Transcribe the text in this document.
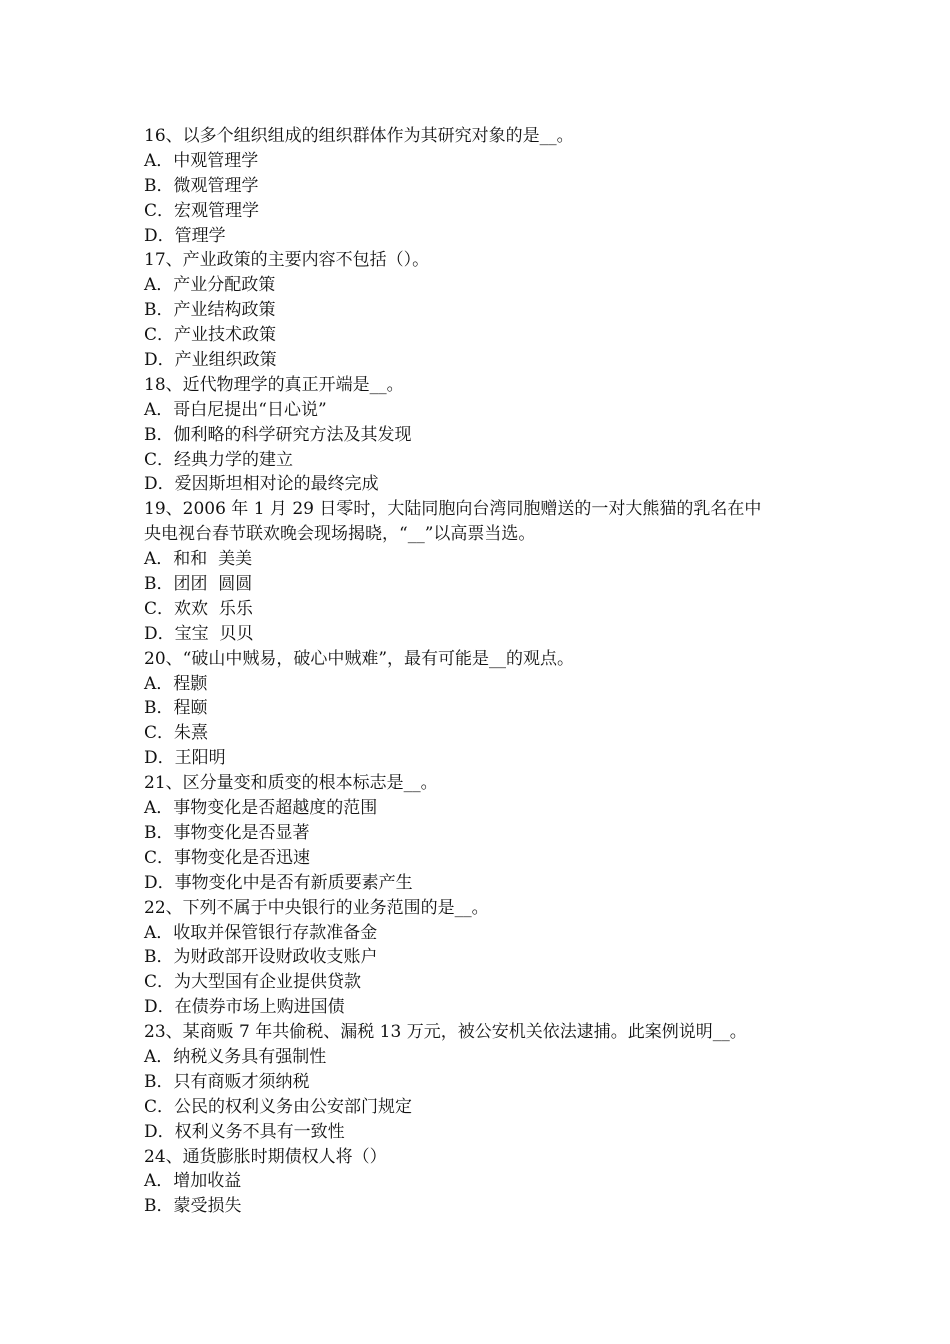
16、以多个组织组成的组织群体作为其研究对象的是__。
A．中观管理学
B．微观管理学
C．宏观管理学
D．管理学
17、产业政策的主要内容不包括（）。
A．产业分配政策
B．产业结构政策
C．产业技术政策
D．产业组织政策
18、近代物理学的真正开端是__。
A．哥白尼提出“日心说”
B．伽利略的科学研究方法及其发现
C．经典力学的建立
D．爱因斯坦相对论的最终完成
19、2006 年 1 月 29 日零时，大陆同胞向台湾同胞赠送的一对大熊猫的乳名在中
央电视台春节联欢晚会现场揭晓，“__”以高票当选。
A．和和  美美
B．团团  圆圆
C．欢欢  乐乐
D．宝宝  贝贝
20、“破山中贼易，破心中贼难”，最有可能是__的观点。
A．程颢
B．程颐
C．朱熹
D．王阳明
21、区分量变和质变的根本标志是__。
A．事物变化是否超越度的范围
B．事物变化是否显著
C．事物变化是否迅速
D．事物变化中是否有新质要素产生
22、下列不属于中央银行的业务范围的是__。
A．收取并保管银行存款准备金
B．为财政部开设财政收支账户
C．为大型国有企业提供贷款
D．在债券市场上购进国债
23、某商贩 7 年共偷税、漏税 13 万元，被公安机关依法逮捕。此案例说明__。
A．纳税义务具有强制性
B．只有商贩才须纳税
C．公民的权利义务由公安部门规定
D．权利义务不具有一致性
24、通货膨胀时期债权人将（）
A．增加收益
B．蒙受损失
